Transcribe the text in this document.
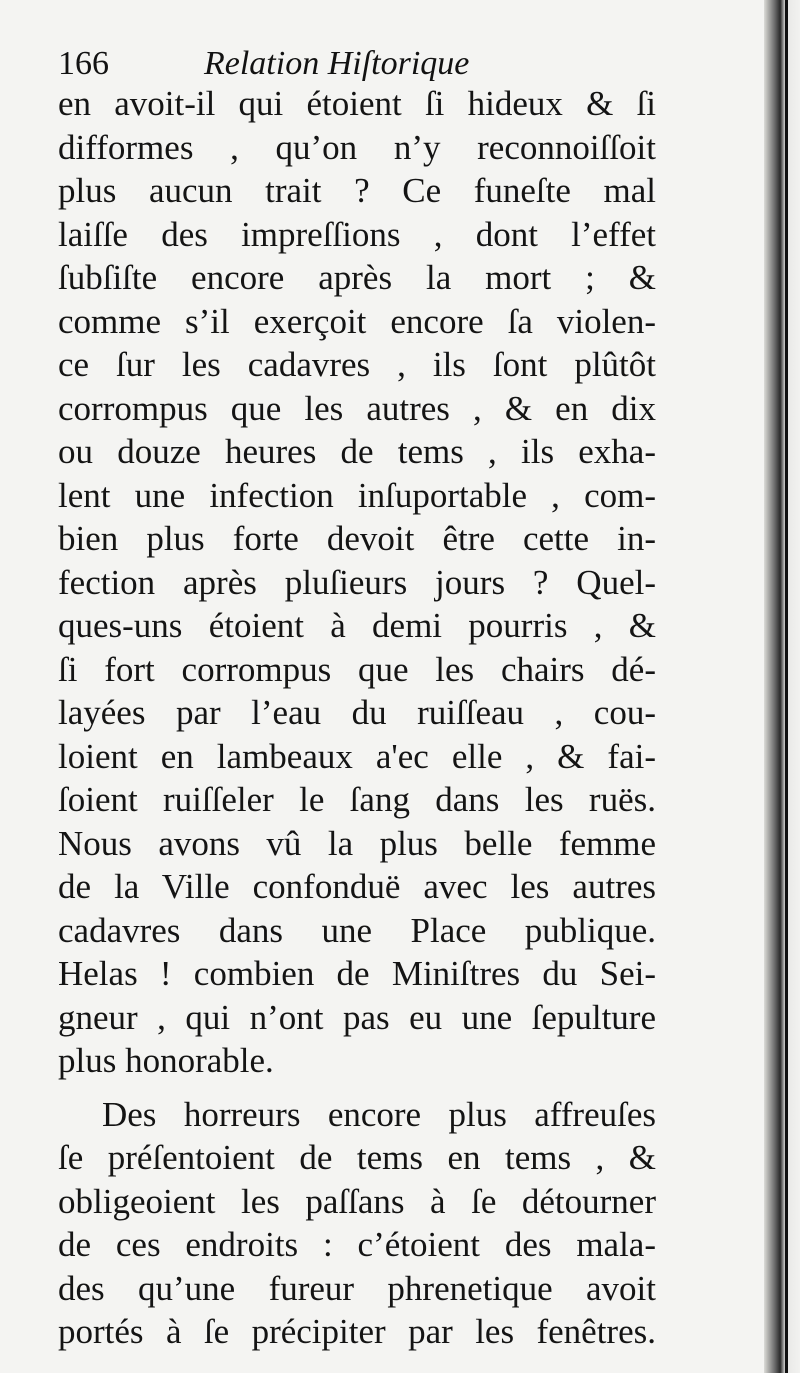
166	Relation Hiſtorique
en avoit-il qui étoient ſi hideux & ſi
difformes , qu’on n’y reconnoiſſoit
plus aucun trait ? Ce funeſte mal
laiſſe des impreſſions , dont l’effet
ſubſiſte encore après la mort ; &
comme s’il exerçoit encore ſa violen-
ce ſur les cadavres , ils ſont plûtôt
corrompus que les autres , & en dix
ou douze heures de tems , ils exha-
lent une infection inſuportable , com-
bien plus forte devoit être cette in-
fection après pluſieurs jours ? Quel-
ques-uns étoient à demi pourris , &
ſi fort corrompus que les chairs dé-
layées par l’eau du ruiſſeau , cou-
loient en lambeaux a'ec elle , & fai-
ſoient ruiſſeler le ſang dans les ruës.
Nous avons vû la plus belle femme
de la Ville confonduë avec les autres
cadavres dans une Place publique.
Helas ! combien de Miniſtres du Sei-
gneur , qui n’ont pas eu une ſepulture
plus honorable.
Des horreurs encore plus affreuſes
ſe préſentoient de tems en tems , &
obligeoient les paſſans à ſe détourner
de ces endroits : c’étoient des mala-
des qu’une fureur phrenetique avoit
portés à ſe précipiter par les fenêtres.
